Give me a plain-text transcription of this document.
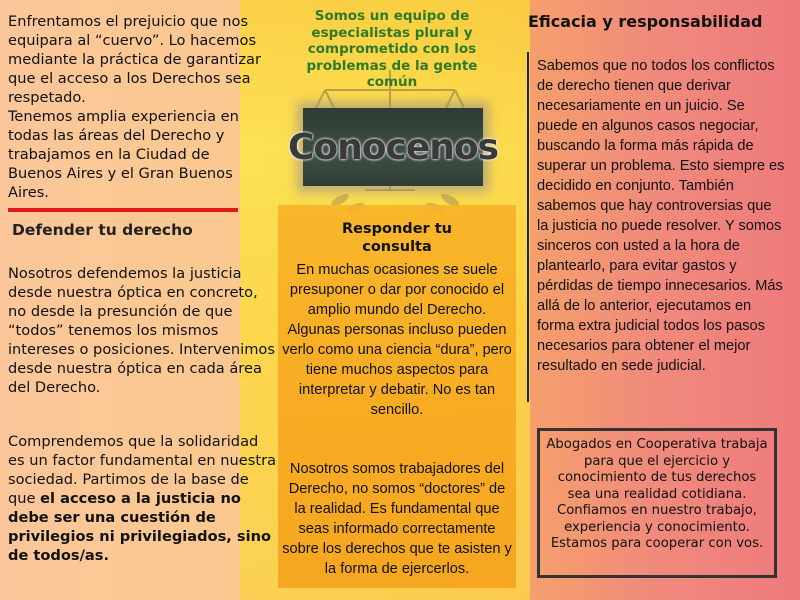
Enfrentamos el prejuicio que nos
equipara al “cuervo”. Lo hacemos
mediante la práctica de garantizar
que el acceso a los Derechos sea
respetado.
Tenemos amplia experiencia en
todas las áreas del Derecho y
trabajamos en la Ciudad de
Buenos Aires y el Gran Buenos
Aires.

Defender tu derecho

Nosotros defendemos la justicia desde nuestra óptica en concreto, no desde la presunción de que “todos” tenemos los mismos intereses o posiciones. Intervenimos desde nuestra óptica en cada área del Derecho.

Comprendemos que la solidaridad es un factor fundamental en nuestra sociedad. Partimos de la base de que el acceso a la justicia no debe ser una cuestión de privilegios ni privilegiados, sino de todos/as.

Somos un equipo de especialistas plural y comprometido con los problemas de la gente común
Conocenos
Responder tu
consulta

En muchas ocasiones se suele presuponer o dar por conocido el amplio mundo del Derecho. Algunas personas incluso pueden verlo como una ciencia “dura”, pero tiene muchos aspectos para interpretar y debatir. No es tan sencillo.

Nosotros somos trabajadores del Derecho, no somos “doctores” de la realidad. Es fundamental que seas informado correctamente sobre los derechos que te asisten y la forma de ejercerlos.

Eficacia y responsabilidad

Sabemos que no todos los conflictos de derecho tienen que derivar necesariamente en un juicio. Se puede en algunos casos negociar, buscando la forma más rápida de superar un problema. Esto siempre es decidido en conjunto. También sabemos que hay controversias que la justicia no puede resolver. Y somos sinceros con usted a la hora de plantearlo, para evitar gastos y pérdidas de tiempo innecesarios. Más allá de lo anterior, ejecutamos en forma extra judicial todos los pasos necesarios para obtener el mejor resultado en sede judicial.

Abogados en Cooperativa trabaja para que el ejercicio y conocimiento de tus derechos sea una realidad cotidiana. Confiamos en nuestro trabajo, experiencia y conocimiento. Estamos para cooperar con vos.
